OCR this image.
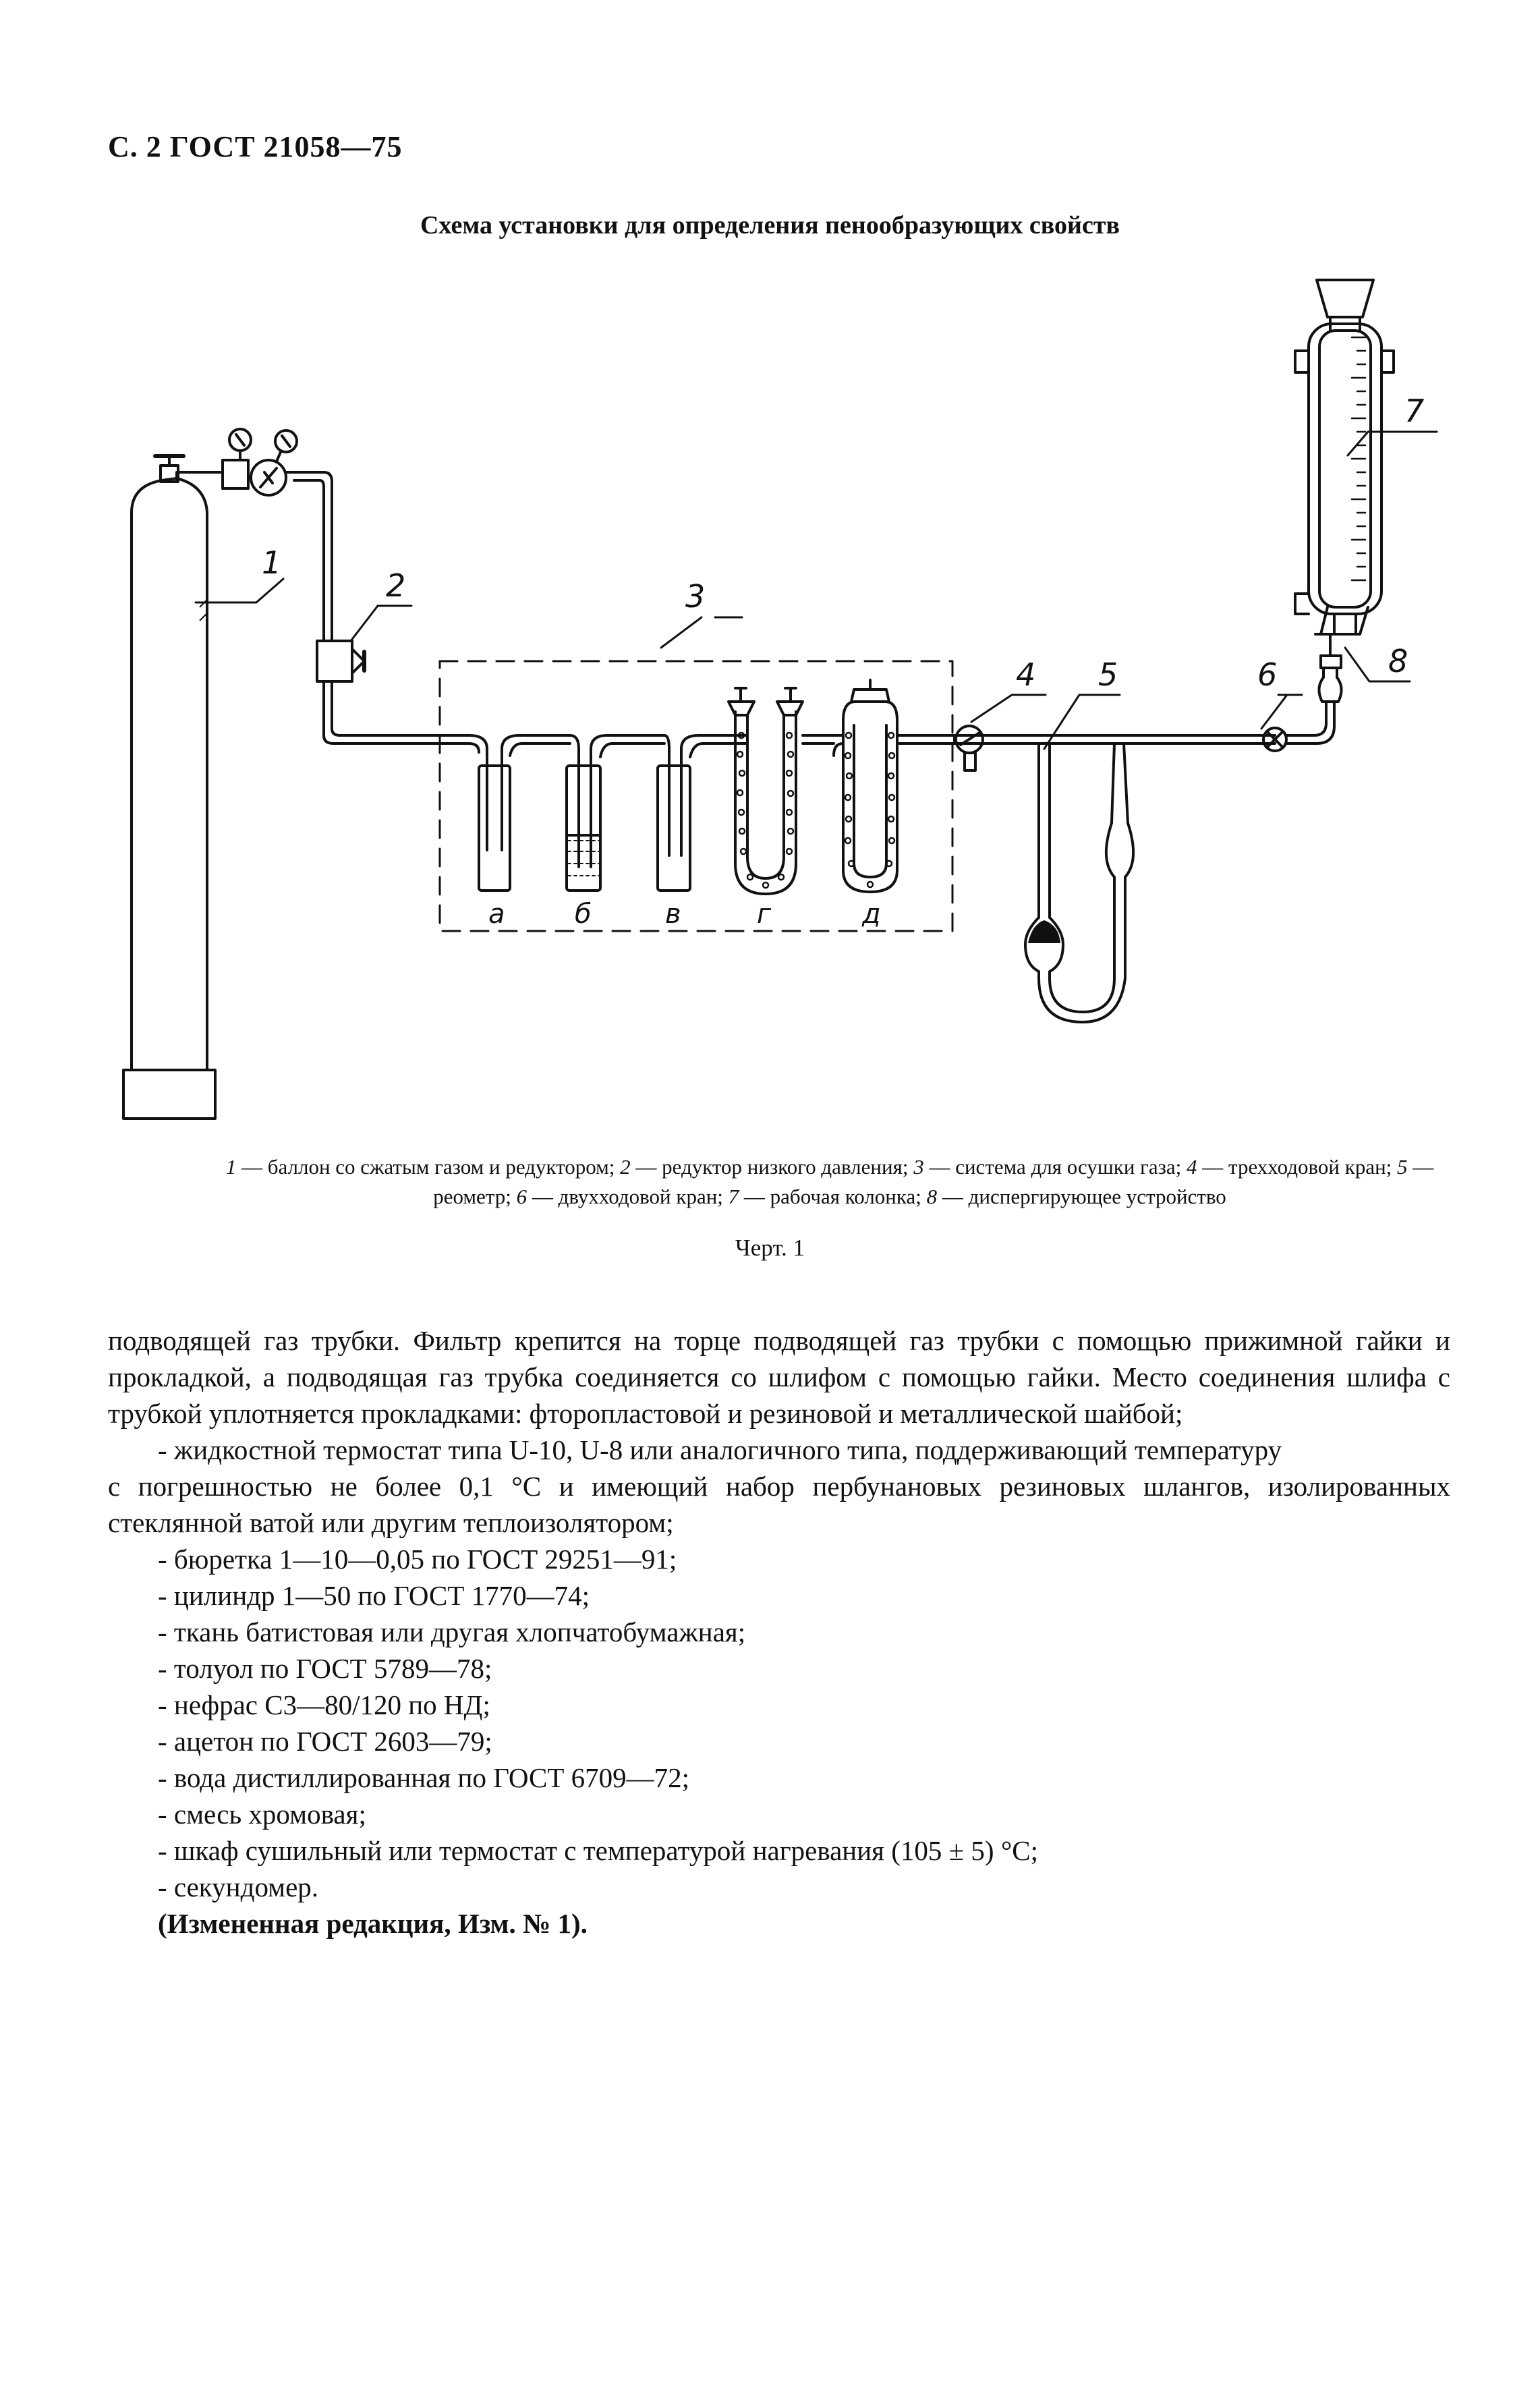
С. 2 ГОСТ 21058—75
Схема установки для определения пенообразующих свойств
1
2	3
4 5	6
7
8
а	б	в	г	д
1 — баллон со сжатым газом и редуктором; 2 — редуктор низкого давления; 3 — система для осушки газа; 4 — трехходовой кран; 5 — реометр; 6 — двухходовой кран; 7 — рабочая колонка; 8 — диспергирующее устройство
Черт. 1

подводящей газ трубки. Фильтр крепится на торце подводящей газ трубки с помощью прижимной гайки и прокладкой, а подводящая газ трубка соединяется со шлифом с помощью гайки. Место соединения шлифа с трубкой уплотняется прокладками: фторопластовой и резиновой и металлической шайбой;

- жидкостной термостат типа U-10, U-8 или аналогичного типа, поддерживающий температуру

с погрешностью не более 0,1 °С и имеющий набор пербунановых резиновых шлангов, изолированных стеклянной ватой или другим теплоизолятором;

- бюретка 1—10—0,05 по ГОСТ 29251—91;

- цилиндр 1—50 по ГОСТ 1770—74;

- ткань батистовая или другая хлопчатобумажная;

- толуол по ГОСТ 5789—78;

- нефрас С3—80/120 по НД;

- ацетон по ГОСТ 2603—79;

- вода дистиллированная по ГОСТ 6709—72;

- смесь хромовая;

- шкаф сушильный или термостат с температурой нагревания (105 ± 5) °С;

- секундомер.

(Измененная редакция, Изм. № 1).
